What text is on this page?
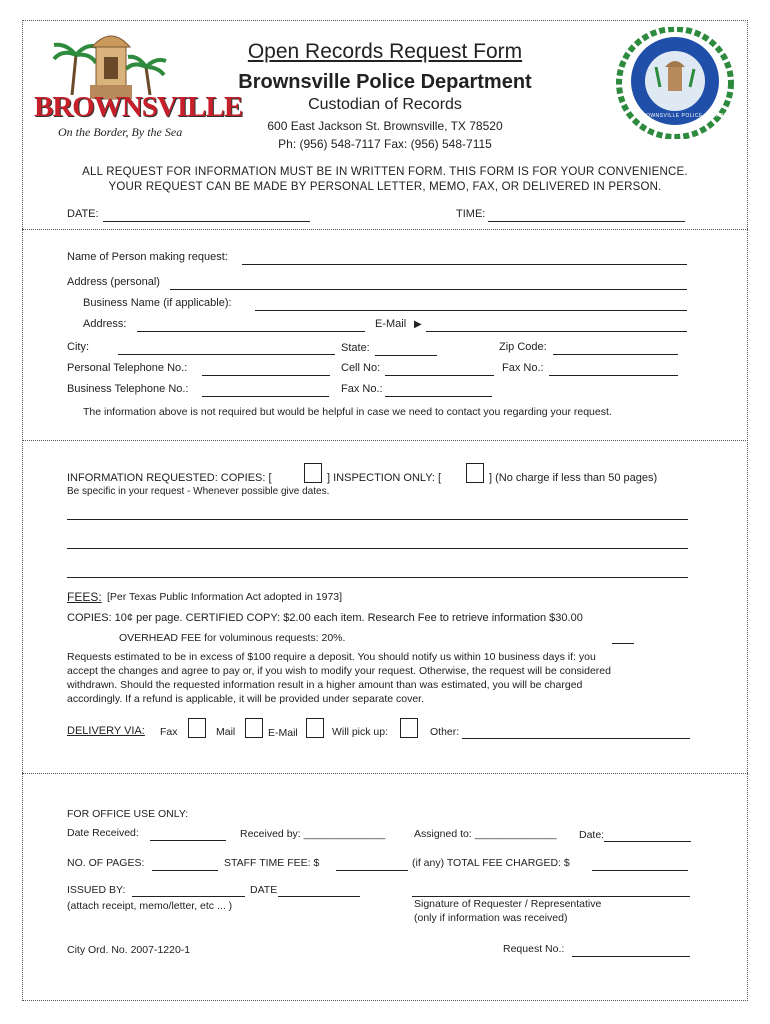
BROWNSVILLE
On the Border, By the Sea
BROWNSVILLE POLICE DEPARTMENT
Open Records Request Form
Brownsville Police Department
Custodian of Records
600 East Jackson St. Brownsville, TX 78520
Ph: (956) 548-7117 Fax: (956) 548-7115
ALL REQUEST FOR INFORMATION MUST BE IN WRITTEN FORM. THIS FORM IS FOR YOUR CONVENIENCE.
YOUR REQUEST CAN BE MADE BY PERSONAL LETTER, MEMO, FAX, OR DELIVERED IN PERSON.
DATE:	TIME:
Name of Person making request:
Address (personal)
Business Name (if applicable):
Address:	E-Mail ▶
City:	State:	Zip Code:
Personal Telephone No.:	Cell No:	Fax No.:
Business Telephone No.:	Fax No.:
The information above is not required but would be helpful in case we need to contact you regarding your request.
INFORMATION REQUESTED: COPIES: [	] INSPECTION ONLY: [	] (No charge if less than 50 pages)
Be specific in your request - Whenever possible give dates.
FEES: [Per Texas Public Information Act adopted in 1973]
COPIES: 10¢ per page. CERTIFIED COPY: $2.00 each item. Research Fee to retrieve information $30.00
OVERHEAD FEE for voluminous requests: 20%.
Requests estimated to be in excess of $100 require a deposit. You should notify us within 10 business days if: you
accept the changes and agree to pay or, if you wish to modify your request. Otherwise, the request will be considered
withdrawn. Should the requested information result in a higher amount than was estimated, you will be charged
accordingly. If a refund is applicable, it will be provided under separate cover.
DELIVERY VIA: Fax	Mail	E-Mail	Will pick up:	Other:
FOR OFFICE USE ONLY:
Date Received:	Received by: ______________	Assigned to: ______________ Date:
NO. OF PAGES:	STAFF TIME FEE: $	(if any) TOTAL FEE CHARGED: $
ISSUED BY:	DATE
(attach receipt, memo/letter, etc ... )	Signature of Requester / Representative
(only if information was received)
City Ord. No. 2007-1220-1	Request No.:
